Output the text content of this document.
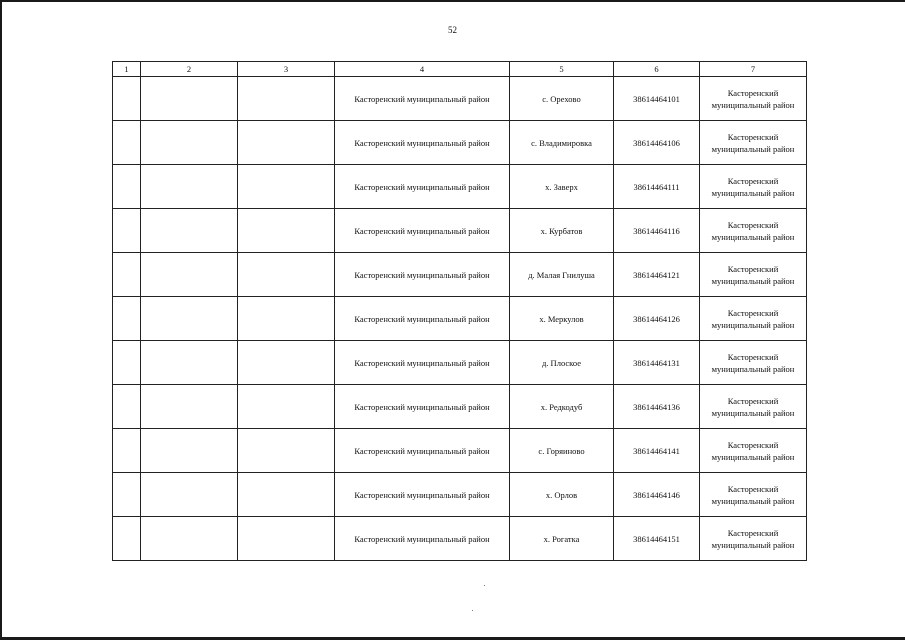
52
1	2	3	4	5	6	7
			Касторенский муниципальный район	с. Орехово	38614464101	Касторенский муниципальный район
			Касторенский муниципальный район	с. Владимировка	38614464106	Касторенский муниципальный район
			Касторенский муниципальный район	х. Заверх	38614464111	Касторенский муниципальный район
			Касторенский муниципальный район	х. Курбатов	38614464116	Касторенский муниципальный район
			Касторенский муниципальный район	д. Малая Гнилуша	38614464121	Касторенский муниципальный район
			Касторенский муниципальный район	х. Меркулов	38614464126	Касторенский муниципальный район
			Касторенский муниципальный район	д. Плоское	38614464131	Касторенский муниципальный район
			Касторенский муниципальный район	х. Редкодуб	38614464136	Касторенский муниципальный район
			Касторенский муниципальный район	с. Горяиново	38614464141	Касторенский муниципальный район
			Касторенский муниципальный район	х. Орлов	38614464146	Касторенский муниципальный район
			Касторенский муниципальный район	х. Рогатка	38614464151	Касторенский муниципальный район
